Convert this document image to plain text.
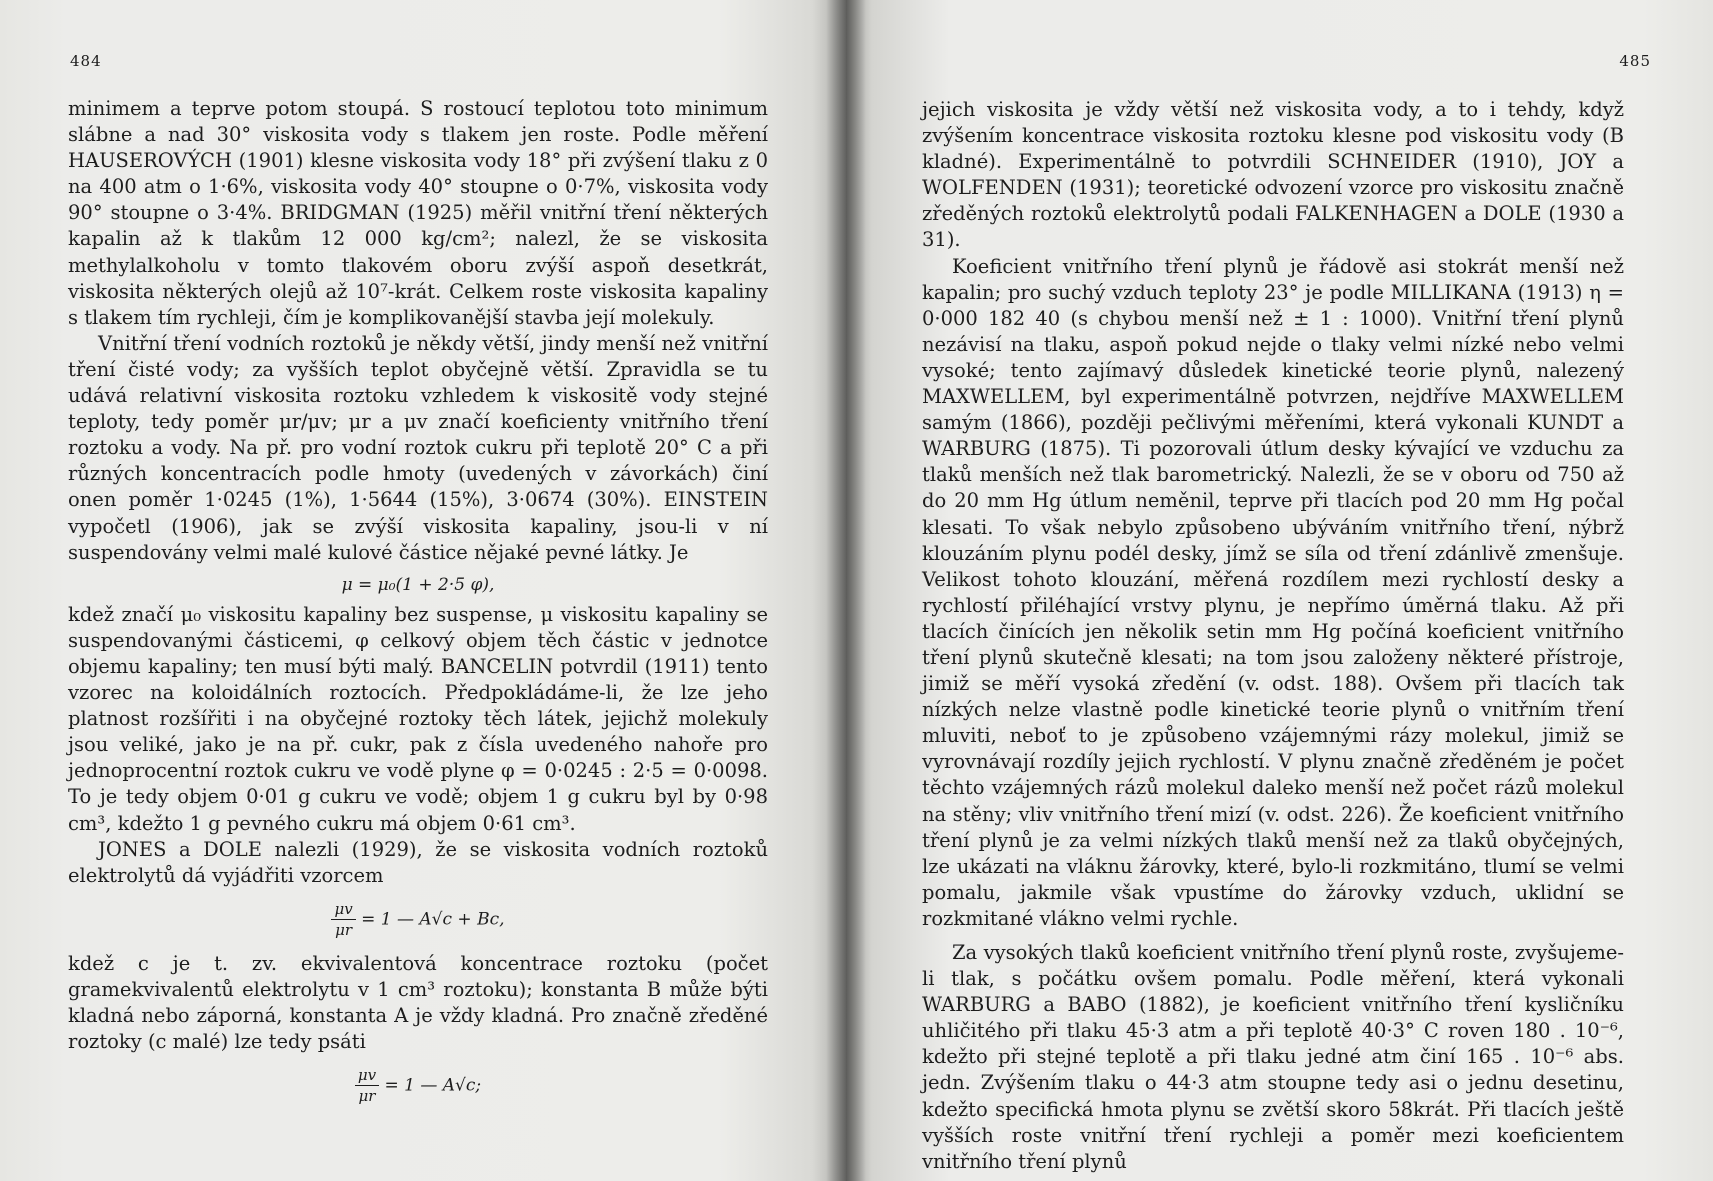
484

minimem a teprve potom stoupá. S rostoucí teplotou toto minimum slábne a nad 30° viskosita vody s tlakem jen roste. Podle měření HAUSEROVÝCH (1901) klesne viskosita vody 18° při zvýšení tlaku z 0 na 400 atm o 1·6%, viskosita vody 40° stoupne o 0·7%, viskosita vody 90° stoupne o 3·4%. BRIDGMAN (1925) měřil vnitřní tření některých kapalin až k tlakům 12 000 kg/cm²; nalezl, že se viskosita methylalkoholu v tomto tlakovém oboru zvýší aspoň desetkrát, viskosita některých olejů až 10⁷-krát. Celkem roste viskosita kapaliny s tlakem tím rychleji, čím je komplikovanější stavba její molekuly.

Vnitřní tření vodních roztoků je někdy větší, jindy menší než vnitřní tření čisté vody; za vyšších teplot obyčejně větší. Zpravidla se tu udává relativní viskosita roztoku vzhledem k viskositě vody stejné teploty, tedy poměr μr/μv; μr a μv značí koeficienty vnitřního tření roztoku a vody. Na př. pro vodní roztok cukru při teplotě 20° C a při různých koncentracích podle hmoty (uvedených v závorkách) činí onen poměr 1·0245 (1%), 1·5644 (15%), 3·0674 (30%). EINSTEIN vypočetl (1906), jak se zvýší viskosita kapaliny, jsou-li v ní suspendovány velmi malé kulové částice nějaké pevné látky. Je

μ = μ₀(1 + 2·5 φ),

kdež značí μ₀ viskositu kapaliny bez suspense, μ viskositu kapaliny se suspendovanými částicemi, φ celkový objem těch částic v jednotce objemu kapaliny; ten musí býti malý. BANCELIN potvrdil (1911) tento vzorec na koloidálních roztocích. Předpokládáme-li, že lze jeho platnost rozšířiti i na obyčejné roztoky těch látek, jejichž molekuly jsou veliké, jako je na př. cukr, pak z čísla uvedeného nahoře pro jednoprocentní roztok cukru ve vodě plyne φ = 0·0245 : 2·5 = 0·0098. To je tedy objem 0·01 g cukru ve vodě; objem 1 g cukru byl by 0·98 cm³, kdežto 1 g pevného cukru má objem 0·61 cm³.

JONES a DOLE nalezli (1929), že se viskosita vodních roztoků elektrolytů dá vyjádřiti vzorcem

$\frac{\mu v}{\mu r} = 1$ — A√c + Bc,

kdež c je t. zv. ekvivalentová koncentrace roztoku (počet gramekvivalentů elektrolytu v 1 cm³ roztoku); konstanta B může býti kladná nebo záporná, konstanta A je vždy kladná. Pro značně zředěné roztoky (c malé) lze tedy psáti

$\frac{\mu v}{\mu r} = 1$ — A√c;
485

jejich viskosita je vždy větší než viskosita vody, a to i tehdy, když zvýšením koncentrace viskosita roztoku klesne pod viskositu vody (B kladné). Experimentálně to potvrdili SCHNEIDER (1910), JOY a WOLFENDEN (1931); teoretické odvození vzorce pro viskositu značně zředěných roztoků elektrolytů podali FALKENHAGEN a DOLE (1930 a 31).

Koeficient vnitřního tření plynů je řádově asi stokrát menší než kapalin; pro suchý vzduch teploty 23° je podle MILLIKANA (1913) η = 0·000 182 40 (s chybou menší než ± 1 : 1000). Vnitřní tření plynů nezávisí na tlaku, aspoň pokud nejde o tlaky velmi nízké nebo velmi vysoké; tento zajímavý důsledek kinetické teorie plynů, nalezený MAXWELLEM, byl experimentálně potvrzen, nejdříve MAXWELLEM samým (1866), později pečlivými měřeními, která vykonali KUNDT a WARBURG (1875). Ti pozorovali útlum desky kývající ve vzduchu za tlaků menších než tlak barometrický. Nalezli, že se v oboru od 750 až do 20 mm Hg útlum neměnil, teprve při tlacích pod 20 mm Hg počal klesati. To však nebylo způsobeno ubýváním vnitřního tření, nýbrž klouzáním plynu podél desky, jímž se síla od tření zdánlivě zmenšuje. Velikost tohoto klouzání, měřená rozdílem mezi rychlostí desky a rychlostí přiléhající vrstvy plynu, je nepřímo úměrná tlaku. Až při tlacích činících jen několik setin mm Hg počíná koeficient vnitřního tření plynů skutečně klesati; na tom jsou založeny některé přístroje, jimiž se měří vysoká zředění (v. odst. 188). Ovšem při tlacích tak nízkých nelze vlastně podle kinetické teorie plynů o vnitřním tření mluviti, neboť to je způsobeno vzájemnými rázy molekul, jimiž se vyrovnávají rozdíly jejich rychlostí. V plynu značně zředěném je počet těchto vzájemných rázů molekul daleko menší než počet rázů molekul na stěny; vliv vnitřního tření mizí (v. odst. 226). Že koeficient vnitřního tření plynů je za velmi nízkých tlaků menší než za tlaků obyčejných, lze ukázati na vláknu žárovky, které, bylo-li rozkmitáno, tlumí se velmi pomalu, jakmile však vpustíme do žárovky vzduch, uklidní se rozkmitané vlákno velmi rychle.

Za vysokých tlaků koeficient vnitřního tření plynů roste, zvyšujeme-li tlak, s počátku ovšem pomalu. Podle měření, která vykonali WARBURG a BABO (1882), je koeficient vnitřního tření kysličníku uhličitého při tlaku 45·3 atm a při teplotě 40·3° C roven 180 . 10⁻⁶, kdežto při stejné teplotě a při tlaku jedné atm činí 165 . 10⁻⁶ abs. jedn. Zvýšením tlaku o 44·3 atm stoupne tedy asi o jednu desetinu, kdežto specifická hmota plynu se zvětší skoro 58krát. Při tlacích ještě vyšších roste vnitřní tření rychleji a poměr mezi koeficientem vnitřního tření plynů
